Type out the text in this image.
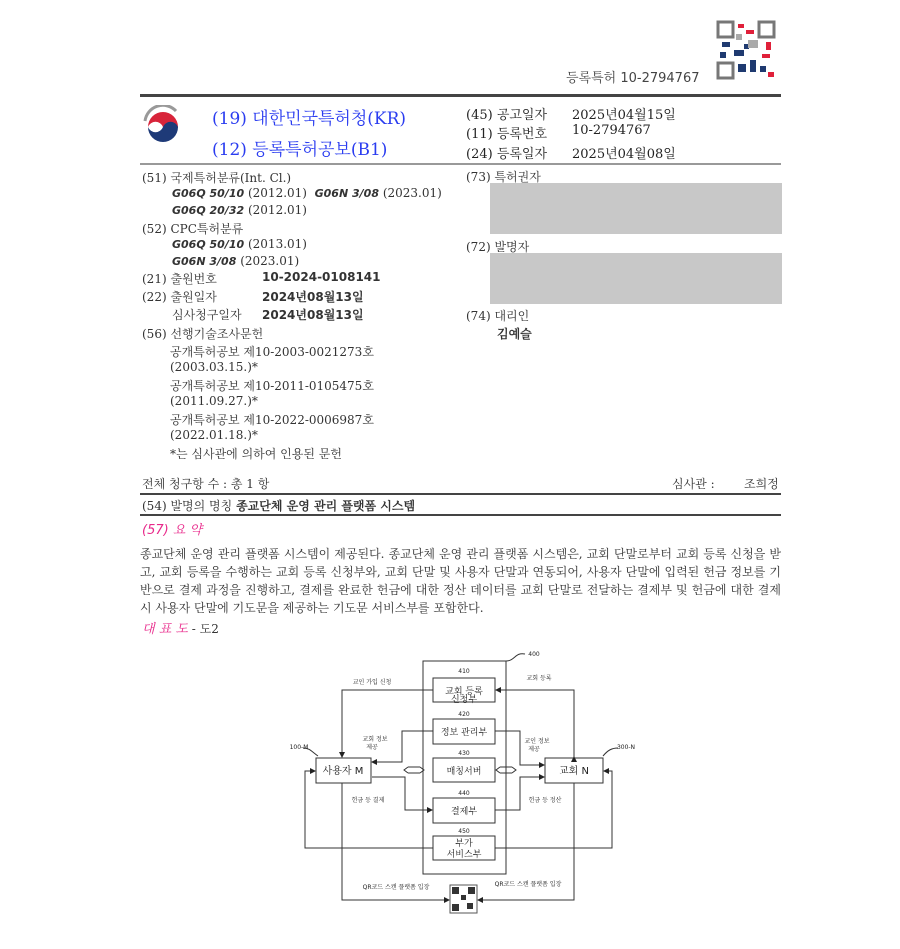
등록특허 10-2794767
(19) 대한민국특허청(KR)
(12) 등록특허공보(B1)
(45) 공고일자 2025년04월15일
(11) 등록번호 10-2794767
(24) 등록일자 2025년04월08일
(51) 국제특허분류(Int. Cl.)
G06Q 50/10 (2012.01) G06N 3/08 (2023.01)
G06Q 20/32 (2012.01)
(52) CPC특허분류
G06Q 50/10 (2013.01)
G06N 3/08 (2023.01)
(21) 출원번호	10-2024-0108141
(22) 출원일자	2024년08월13일
심사청구일자 2024년08월13일
(56) 선행기술조사문헌
공개특허공보 제10-2003-0021273호
(2003.03.15.)*
공개특허공보 제10-2011-0105475호
(2011.09.27.)*
공개특허공보 제10-2022-0006987호
(2022.01.18.)*
*는 심사관에 의하여 인용된 문헌
(73) 특허권자
(72) 발명자
(74) 대리인
김예슬
전체 청구항 수 : 총 1 항	심사관 : 조희정
(54) 발명의 명칭 종교단체 운영 관리 플랫폼 시스템
(57) 요 약
종교단체 운영 관리 플랫폼 시스템이 제공된다. 종교단체 운영 관리 플랫폼 시스템은, 교회 단말로부터 교회 등록 신청을 받고, 교회 등록을 수행하는 교회 등록 신청부와, 교회 단말 및 사용자 단말과 연동되어, 사용자 단말에 입력된 헌금 정보를 기반으로 결제 과정을 진행하고, 결제를 완료한 헌금에 대한 정산 데이터를 교회 단말로 전달하는 결제부 및 헌금에 대한 결제시 사용자 단말에 기도문을 제공하는 기도문 서비스부를 포함한다.
대 표 도 - 도2
교회 등록
정보 관리부
매칭서버
결제부
부가
서비스부
사용자 M	교회 N
410
420
430
440
450
400
100-M	300-N
교인 가입 신청
교회 등록
교회 정보
제공
교인 정보
제공
헌금 등 결제	헌금 등 정산
QR코드 스캔 플랫폼 입장	QR코드 스캔 플랫폼 입장
신청부
